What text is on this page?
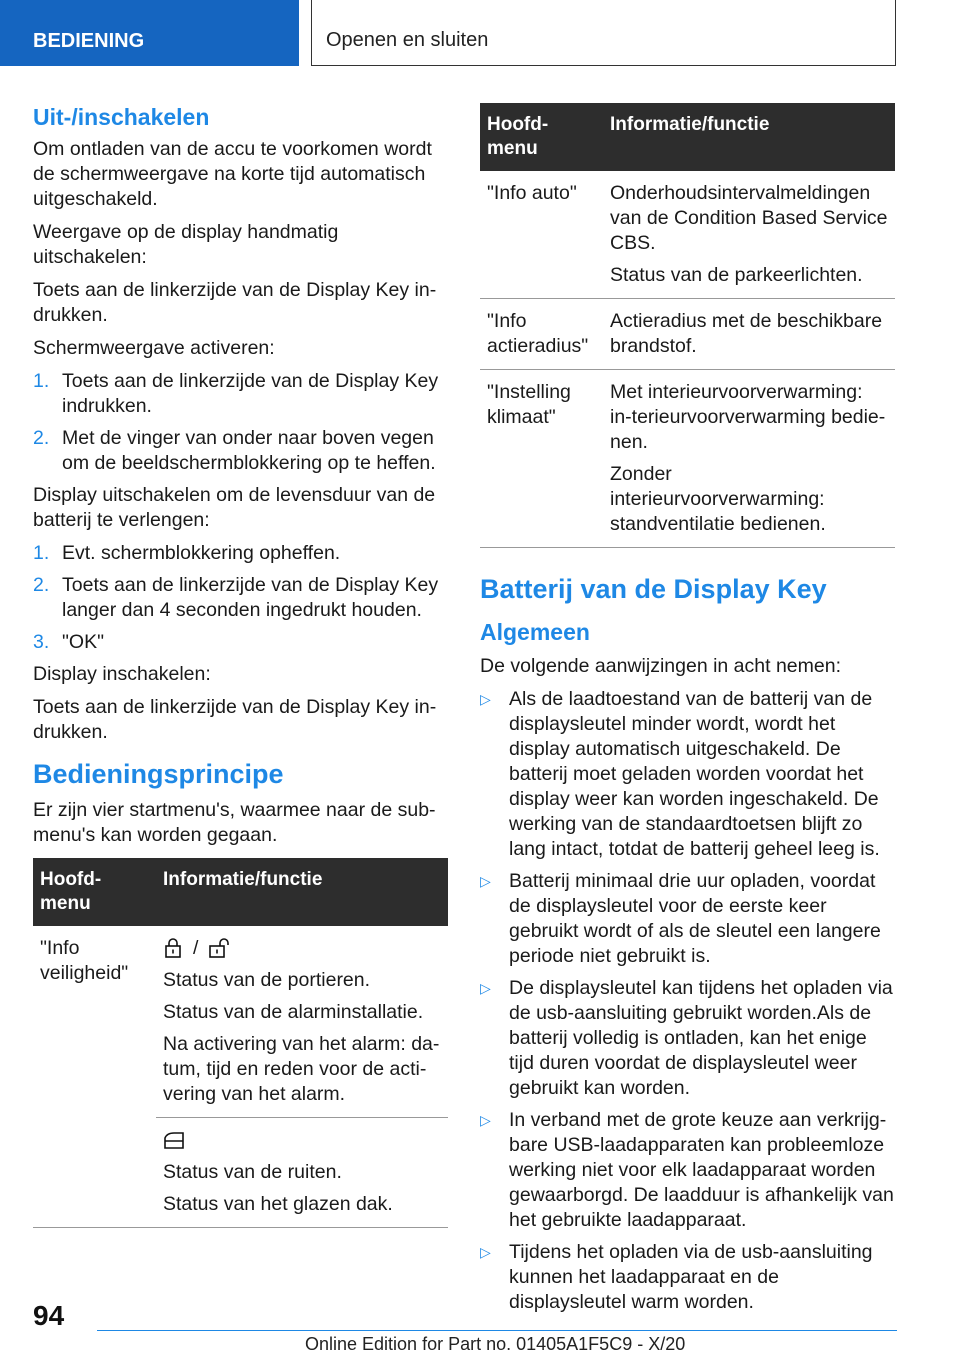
BEDIENING	Openen en sluiten
Uit-/inschakelen

Om ontladen van de accu te voorkomen wordt de schermweergave na korte tijd automatisch uitgeschakeld.

Weergave op de display handmatig uitschakelen:

Toets aan de linkerzijde van de Display Key in-drukken.

Schermweergave activeren:

1. Toets aan de linkerzijde van de Display Key indrukken.
2. Met de vinger van onder naar boven vegen om de beeldschermblokkering op te heffen.

Display uitschakelen om de levensduur van de batterij te verlengen:

1. Evt. schermblokkering opheffen.
2. Toets aan de linkerzijde van de Display Key langer dan 4 seconden ingedrukt houden.
3. "OK"

Display inschakelen:

Toets aan de linkerzijde van de Display Key in-drukken.

Bedieningsprincipe

Er zijn vier startmenu's, waarmee naar de sub-menu's kan worden gegaan.

Hoofd-menu	Informatie/functie
"Info veiligheid"	/

Status van de portieren.

Status van de alarminstallatie.

Na activering van het alarm: da-tum, tijd en reden voor de acti-vering van het alarm.

	Status van de ruiten.

Status van het glazen dak.

Hoofd-menu	Informatie/functie
"Info auto"	Onderhoudsintervalmeldingen van de Condition Based Service CBS.

Status van de parkeerlichten.

"Info actieradius"	Actieradius met de beschikbare brandstof.

"Instelling klimaat"	Met interieurvoorverwarming: in-terieurvoorverwarming bedie-nen.

Zonder interieurvoorverwarming: standventilatie bedienen.

Batterij van de Display Key
Algemeen

De volgende aanwijzingen in acht nemen:

▷ Als de laadtoestand van de batterij van de displaysleutel minder wordt, wordt het display automatisch uitgeschakeld. De batterij moet geladen worden voordat het display weer kan worden ingeschakeld. De werking van de standaardtoetsen blijft zo lang intact, totdat de batterij geheel leeg is.
▷ Batterij minimaal drie uur opladen, voordat de displaysleutel voor de eerste keer gebruikt wordt of als de sleutel een langere periode niet gebruikt is.
▷ De displaysleutel kan tijdens het opladen via de usb-aansluiting gebruikt worden.Als de batterij volledig is ontladen, kan het enige tijd duren voordat de displaysleutel weer gebruikt kan worden.
▷ In verband met de grote keuze aan verkrijg-bare USB-laadapparaten kan probleemloze werking niet voor elk laadapparaat worden gewaarborgd. De laadduur is afhankelijk van het gebruikte laadapparaat.
▷ Tijdens het opladen via de usb-aansluiting kunnen het laadapparaat en de displaysleutel warm worden.
94
Online Edition for Part no. 01405A1F5C9 - X/20
